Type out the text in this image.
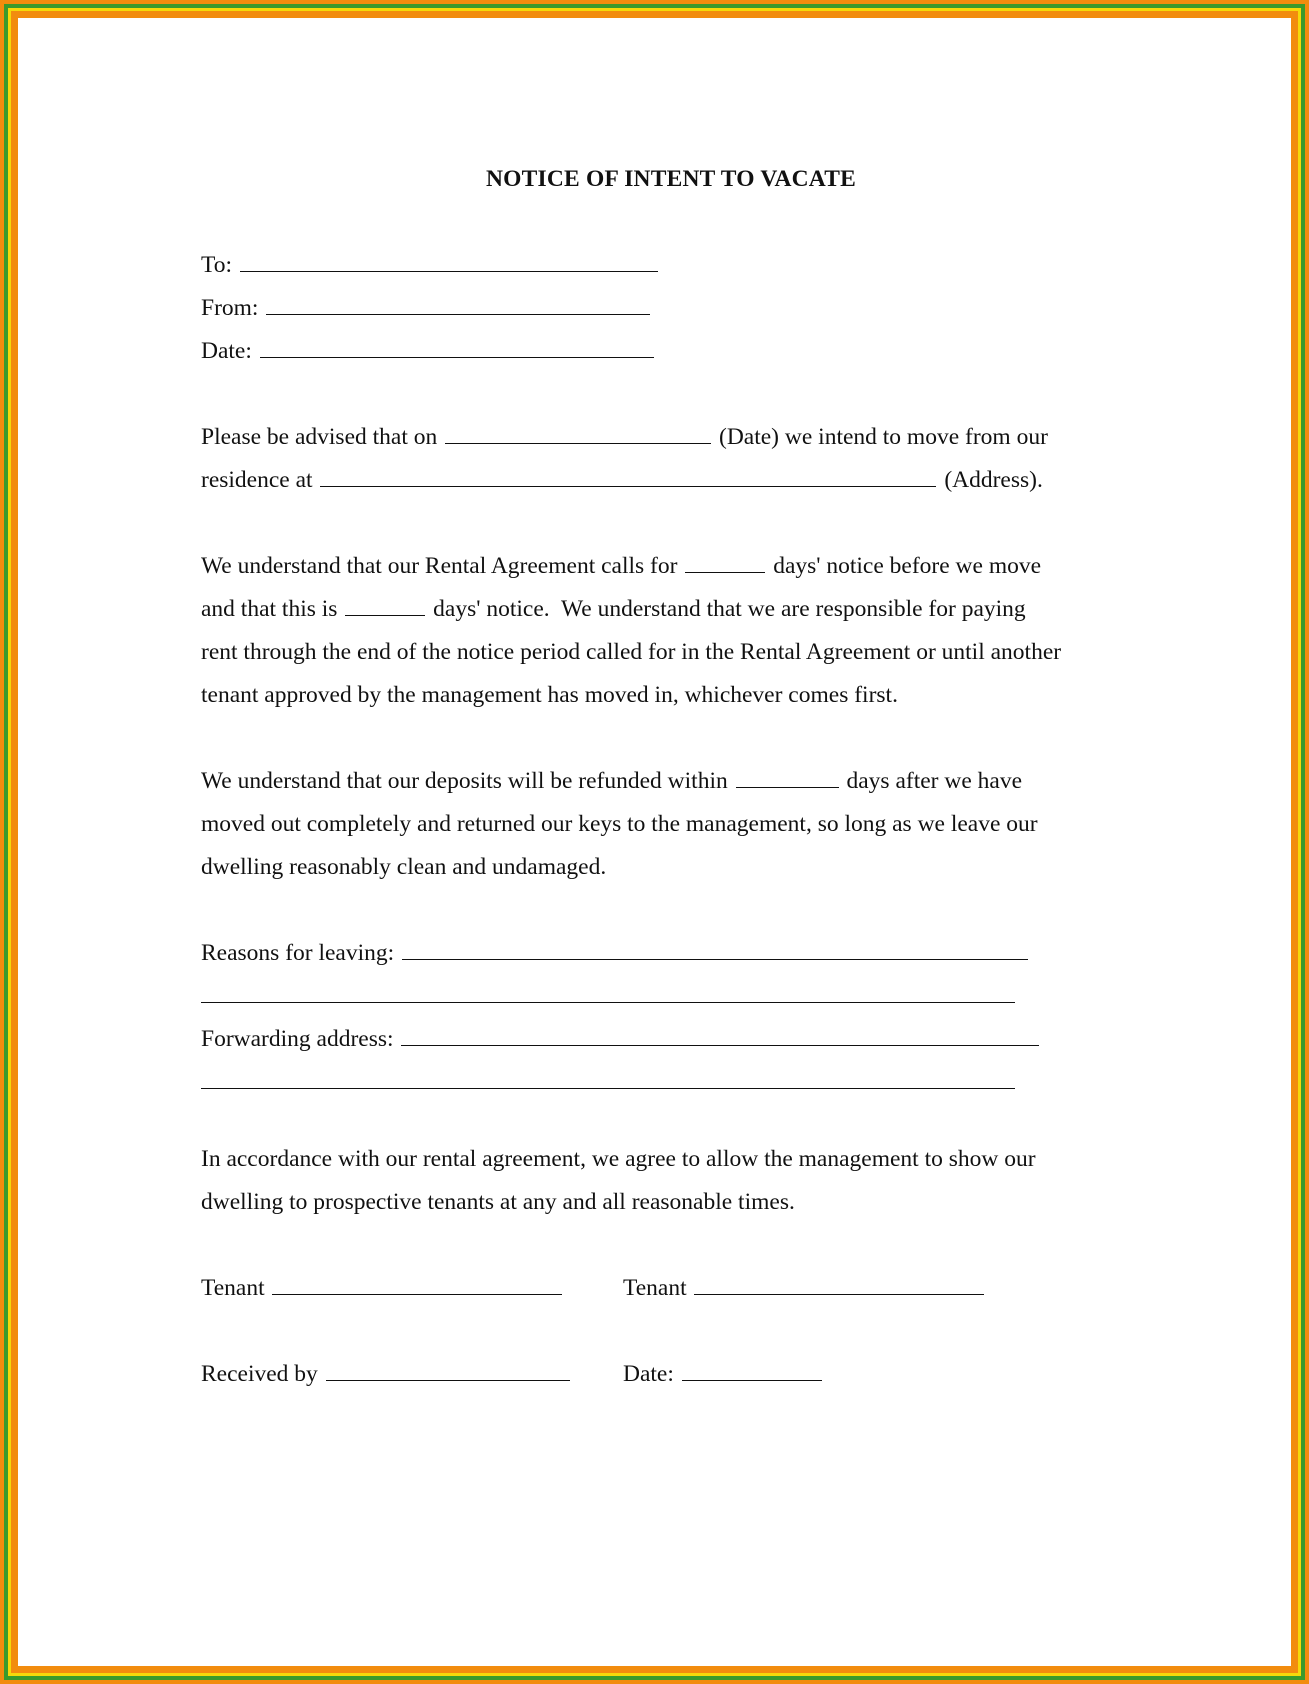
NOTICE OF INTENT TO VACATE
To:
From:
Date:
Please be advised that on	(Date) we intend to move from our
residence at	(Address).
We understand that our Rental Agreement calls for	days' notice before we move
and that this is	days' notice.  We understand that we are responsible for paying
rent through the end of the notice period called for in the Rental Agreement or until another
tenant approved by the management has moved in, whichever comes first.
We understand that our deposits will be refunded within	days after we have
moved out completely and returned our keys to the management, so long as we leave our
dwelling reasonably clean and undamaged.
Reasons for leaving:
Forwarding address:
In accordance with our rental agreement, we agree to allow the management to show our
dwelling to prospective tenants at any and all reasonable times.
Tenant	Tenant
Received by	Date:
